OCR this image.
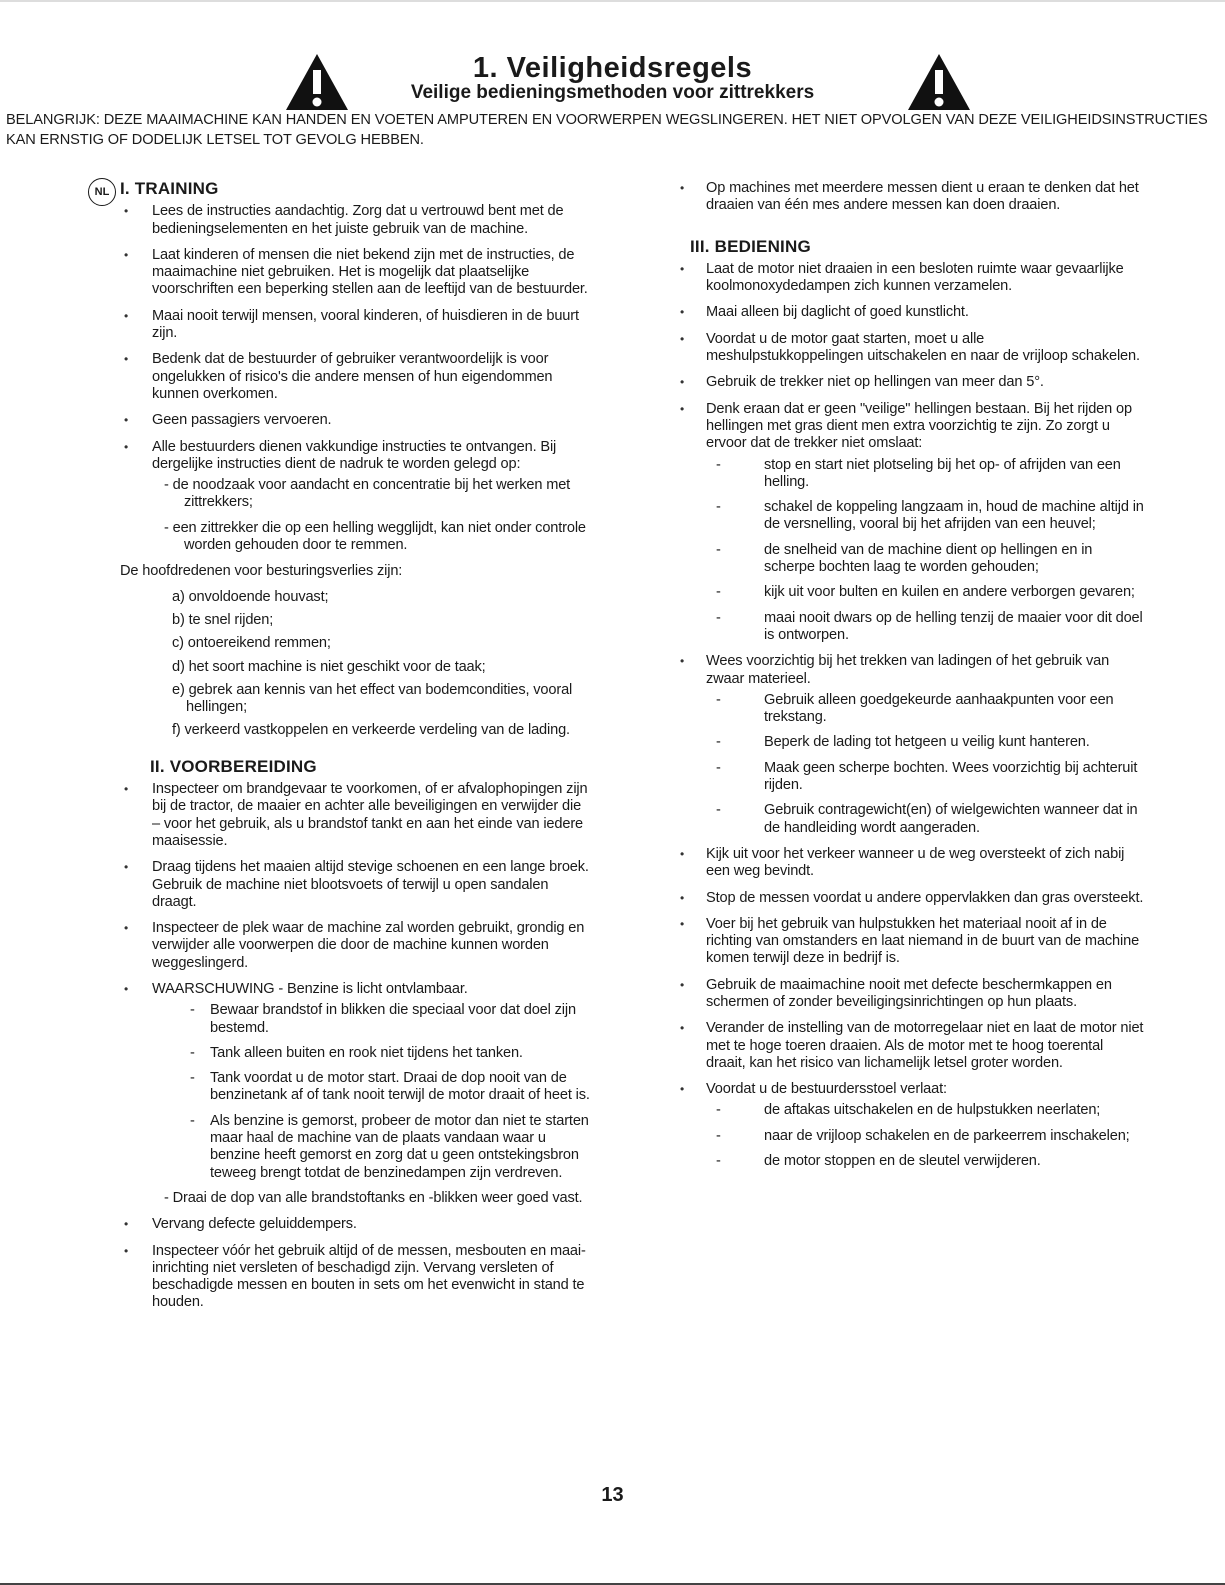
1. Veiligheidsregels
Veilige bedieningsmethoden voor zittrekkers
BELANGRIJK: DEZE MAAIMACHINE KAN HANDEN EN VOETEN AMPUTEREN EN VOORWERPEN WEGSLINGEREN. HET NIET OPVOLGEN VAN DEZE VEILIGHEIDSINSTRUCTIES KAN ERNSTIG OF DODELIJK LETSEL TOT GEVOLG HEBBEN.
NL I. TRAINING
• Lees de instructies aandachtig. Zorg dat u vertrouwd bent met de bedieningselementen en het juiste gebruik van de machine.
• Laat kinderen of mensen die niet bekend zijn met de instructies, de maaimachine niet gebruiken. Het is mogelijk dat plaatselijke voorschriften een beperking stellen aan de leeftijd van de bestuurder.
• Maai nooit terwijl mensen, vooral kinderen, of huisdieren in de buurt zijn.
• Bedenk dat de bestuurder of gebruiker verantwoordelijk is voor ongelukken of risico's die andere mensen of hun eigendommen kunnen overkomen.
• Geen passagiers vervoeren.
• Alle bestuurders dienen vakkundige instructies te ontvangen. Bij dergelijke instructies dient de nadruk te worden gelegd op:
- de noodzaak voor aandacht en concentratie bij het werken met zittrekkers;
- een zittrekker die op een helling wegglijdt, kan niet onder controle worden gehouden door te remmen.
De hoofdredenen voor besturingsverlies zijn:
a) onvoldoende houvast;
b) te snel rijden;
c) ontoereikend remmen;
d) het soort machine is niet geschikt voor de taak;
e) gebrek aan kennis van het effect van bodemcondities, vooral hellingen;
f) verkeerd vastkoppelen en verkeerde verdeling van de lading.
II. VOORBEREIDING
• Inspecteer om brandgevaar te voorkomen, of er afvalophopingen zijn bij de tractor, de maaier en achter alle beveiligingen en verwijder die – voor het gebruik, als u brandstof tankt en aan het einde van iedere maaisessie.
• Draag tijdens het maaien altijd stevige schoenen en een lange broek. Gebruik de machine niet blootsvoets of terwijl u open sandalen draagt.
• Inspecteer de plek waar de machine zal worden gebruikt, grondig en verwijder alle voorwerpen die door de machine kunnen worden weggeslingerd.
• WAARSCHUWING - Benzine is licht ontvlambaar.
- Bewaar brandstof in blikken die speciaal voor dat doel zijn bestemd.
- Tank alleen buiten en rook niet tijdens het tanken.
- Tank voordat u de motor start. Draai de dop nooit van de benzinetank af of tank nooit terwijl de motor draait of heet is.
- Als benzine is gemorst, probeer de motor dan niet te starten maar haal de machine van de plaats vandaan waar u benzine heeft gemorst en zorg dat u geen ontstekingsbron teweeg brengt totdat de benzinedampen zijn verdreven.
- Draai de dop van alle brandstoftanks en -blikken weer goed vast.
• Vervang defecte geluiddempers.
• Inspecteer vóór het gebruik altijd of de messen, mesbouten en maai-inrichting niet versleten of beschadigd zijn. Vervang versleten of beschadigde messen en bouten in sets om het evenwicht in stand te houden.
• Op machines met meerdere messen dient u eraan te denken dat het draaien van één mes andere messen kan doen draaien.
III. BEDIENING
• Laat de motor niet draaien in een besloten ruimte waar gevaarlijke koolmonoxydedampen zich kunnen verzamelen.
• Maai alleen bij daglicht of goed kunstlicht.
• Voordat u de motor gaat starten, moet u alle meshulpstukkoppelingen uitschakelen en naar de vrijloop schakelen.
• Gebruik de trekker niet op hellingen van meer dan 5°.
• Denk eraan dat er geen "veilige" hellingen bestaan. Bij het rijden op hellingen met gras dient men extra voorzichtig te zijn. Zo zorgt u ervoor dat de trekker niet omslaat:
-	stop en start niet plotseling bij het op- of afrijden van een helling.
-	schakel de koppeling langzaam in, houd de machine altijd in de versnelling, vooral bij het afrijden van een heuvel;
-	de snelheid van de machine dient op hellingen en in scherpe bochten laag te worden gehouden;
-	kijk uit voor bulten en kuilen en andere verborgen gevaren;
-	maai nooit dwars op de helling tenzij de maaier voor dit doel is ontworpen.
• Wees voorzichtig bij het trekken van ladingen of het gebruik van zwaar materieel.
-	Gebruik alleen goedgekeurde aanhaakpunten voor een trekstang.
-	Beperk de lading tot hetgeen u veilig kunt hanteren.
-	Maak geen scherpe bochten. Wees voorzichtig bij achteruit rijden.
-	Gebruik contragewicht(en) of wielgewichten wanneer dat in de handleiding wordt aangeraden.
• Kijk uit voor het verkeer wanneer u de weg oversteekt of zich nabij een weg bevindt.
• Stop de messen voordat u andere oppervlakken dan gras oversteekt.
• Voer bij het gebruik van hulpstukken het materiaal nooit af in de richting van omstanders en laat niemand in de buurt van de machine komen terwijl deze in bedrijf is.
• Gebruik de maaimachine nooit met defecte beschermkappen en schermen of zonder beveiligingsinrichtingen op hun plaats.
• Verander de instelling van de motorregelaar niet en laat de motor niet met te hoge toeren draaien. Als de motor met te hoog toerental draait, kan het risico van lichamelijk letsel groter worden.
• Voordat u de bestuurdersstoel verlaat:
-	de aftakas uitschakelen en de hulpstukken neerlaten;
-	naar de vrijloop schakelen en de parkeerrem inschakelen;
-	de motor stoppen en de sleutel verwijderen.
13
